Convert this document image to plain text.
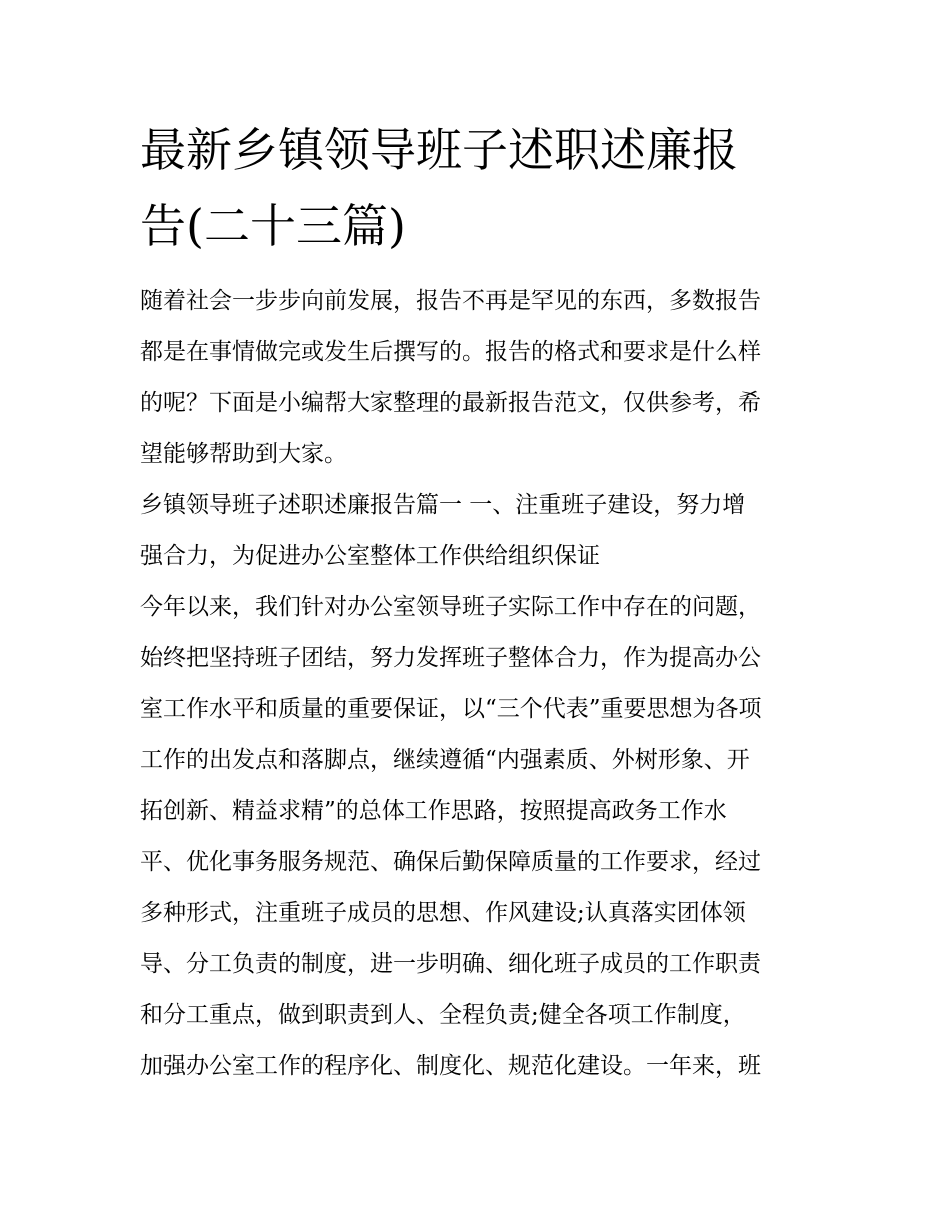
最新乡镇领导班子述职述廉报
告(二十三篇)
随着社会一步步向前发展，报告不再是罕见的东西，多数报告
都是在事情做完或发生后撰写的。报告的格式和要求是什么样
的呢？下面是小编帮大家整理的最新报告范文，仅供参考，希
望能够帮助到大家。
乡镇领导班子述职述廉报告篇一 一、注重班子建设，努力增
强合力，为促进办公室整体工作供给组织保证
今年以来，我们针对办公室领导班子实际工作中存在的问题，
始终把坚持班子团结，努力发挥班子整体合力，作为提高办公
室工作水平和质量的重要保证，以“三个代表”重要思想为各项
工作的出发点和落脚点，继续遵循“内强素质、外树形象、开
拓创新、精益求精”的总体工作思路，按照提高政务工作水
平、优化事务服务规范、确保后勤保障质量的工作要求，经过
多种形式，注重班子成员的思想、作风建设;认真落实团体领
导、分工负责的制度，进一步明确、细化班子成员的工作职责
和分工重点，做到职责到人、全程负责;健全各项工作制度，
加强办公室工作的程序化、制度化、规范化建设。一年来，班
